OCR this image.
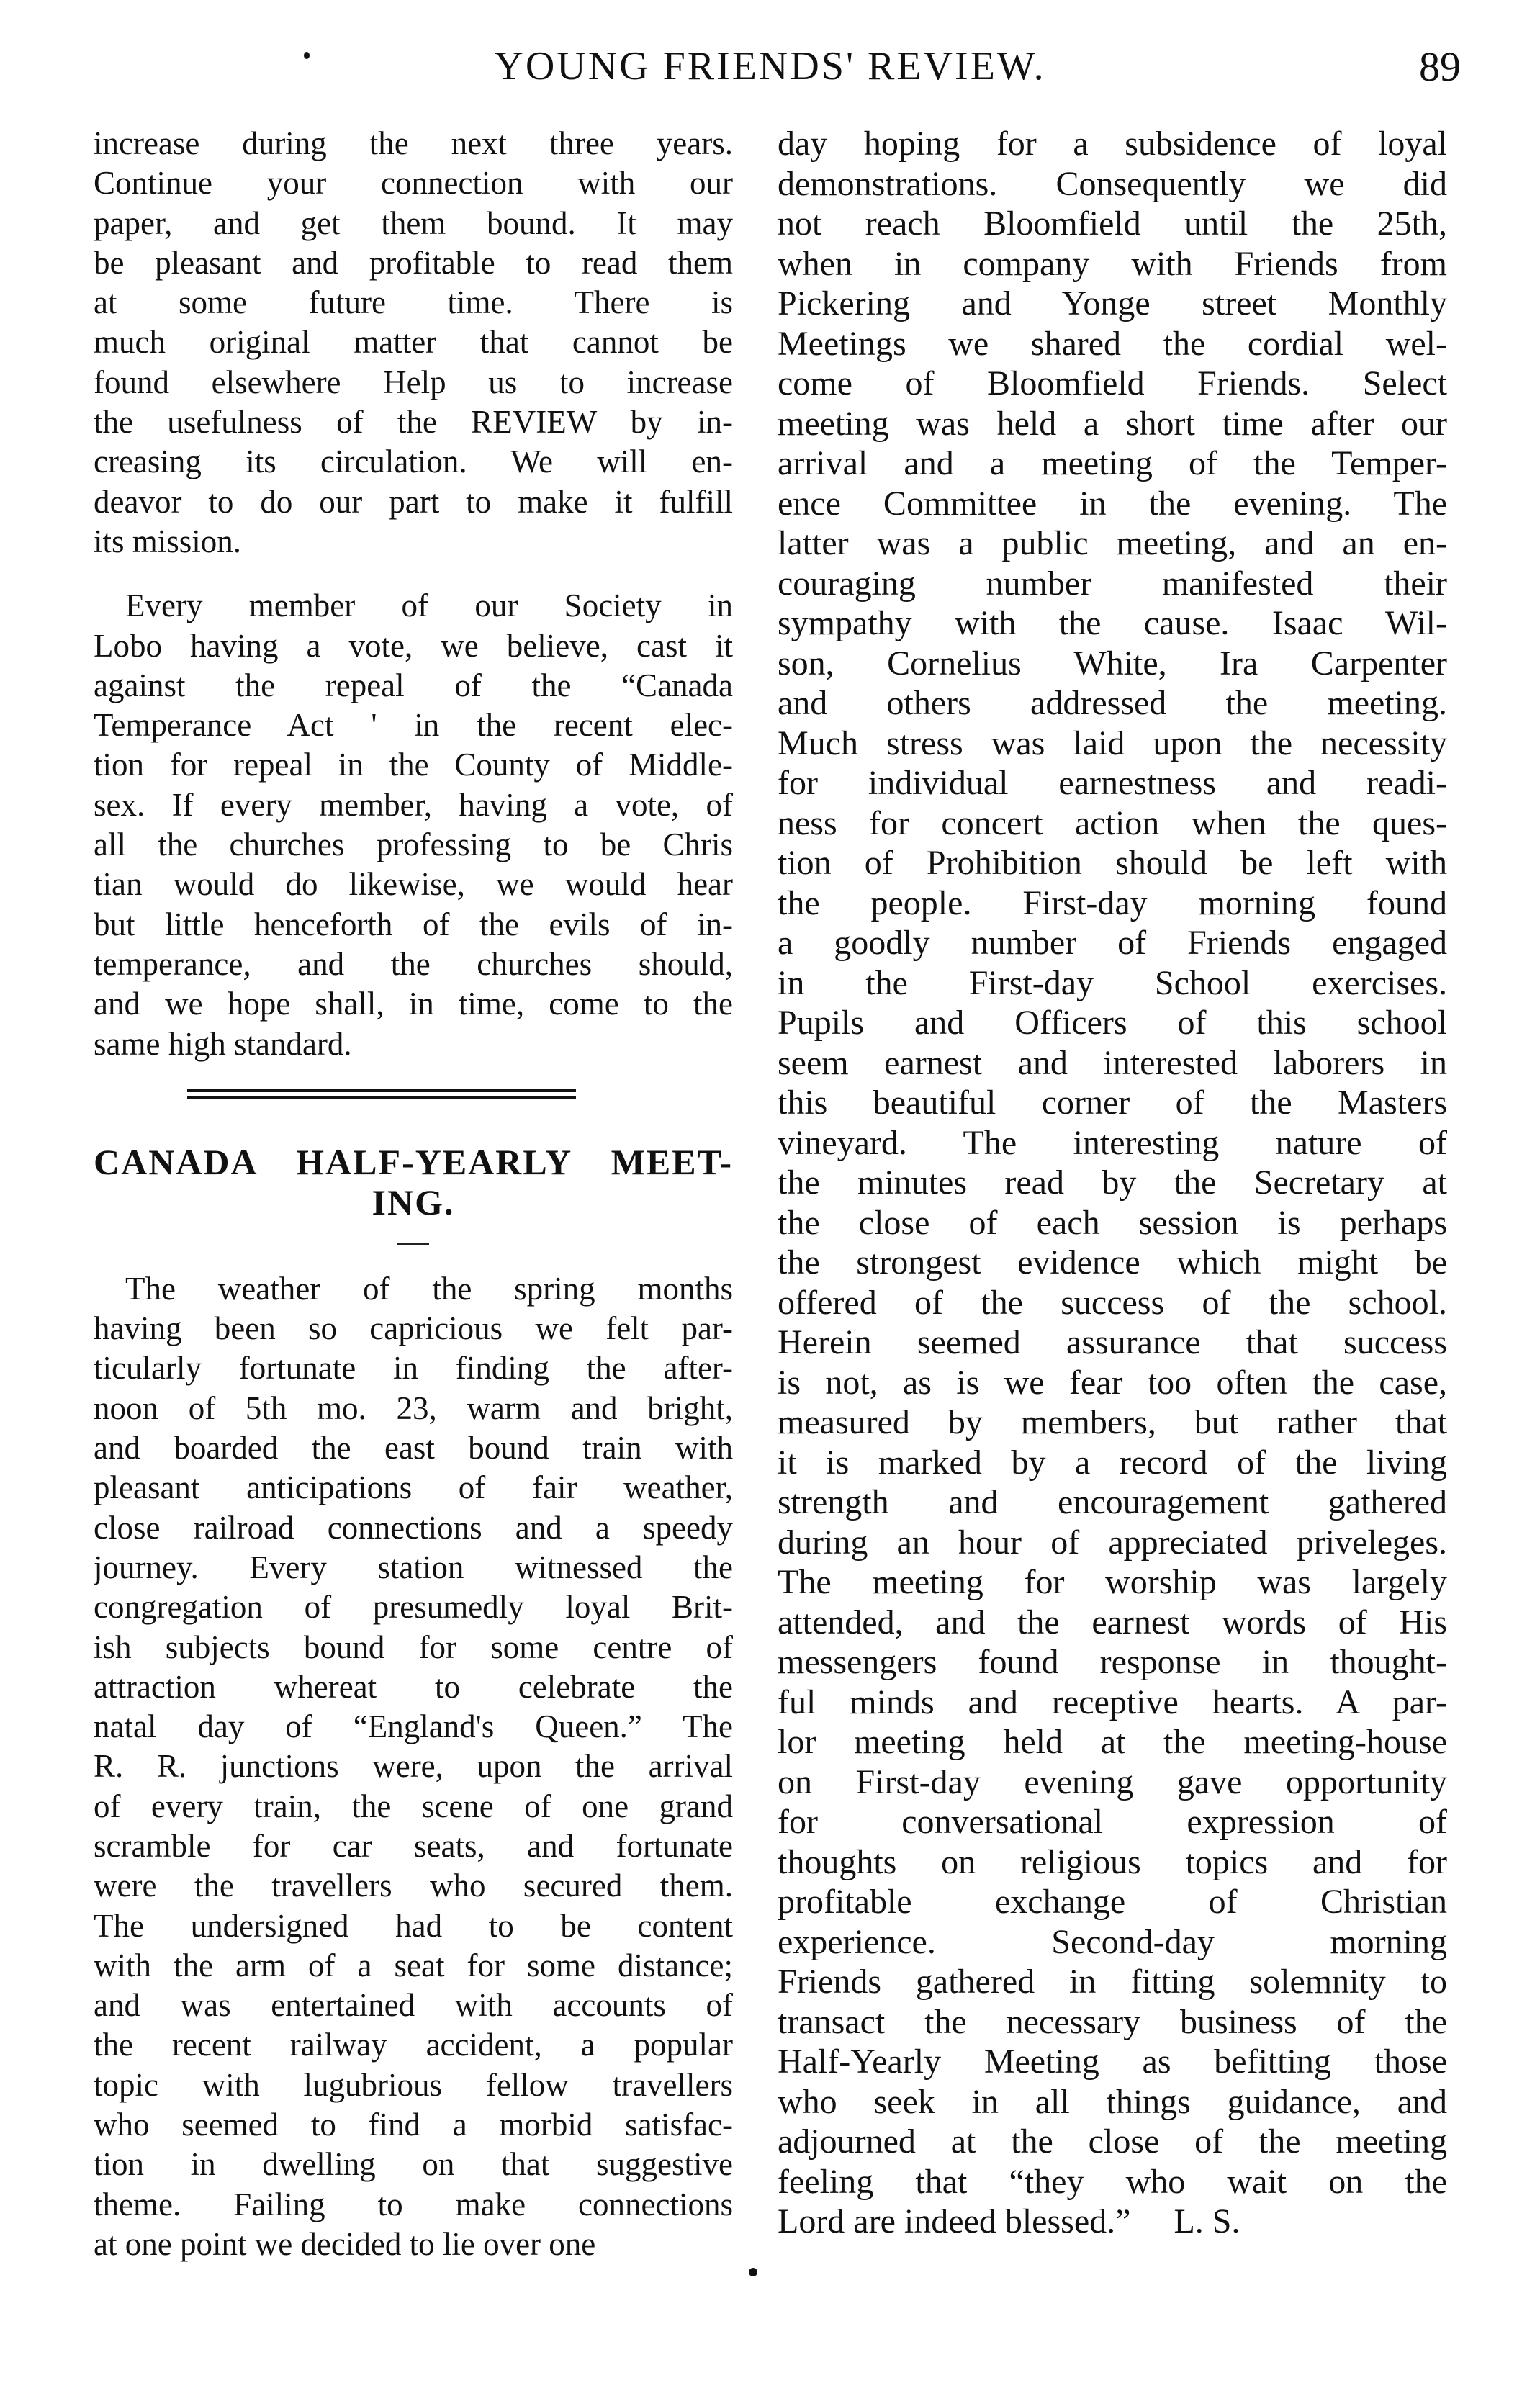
YOUNG FRIENDS' REVIEW.	89

increase during the next three years.
Continue your connection with our
paper, and get them bound. It may
be pleasant and profitable to read them
at some future time. There is
much original matter that cannot be
found elsewhere Help us to increase
the usefulness of the REVIEW by in-
creasing its circulation. We will en-
deavor to do our part to make it fulfill
its mission.

Every member of our Society in
Lobo having a vote, we believe, cast it
against the repeal of the “Canada
Temperance Act ' in the recent elec-
tion for repeal in the County of Middle-
sex. If every member, having a vote, of
all the churches professing to be Chris
tian would do likewise, we would hear
but little henceforth of the evils of in-
temperance, and the churches should,
and we hope shall, in time, come to the
same high standard.

CANADA HALF-YEARLY MEET-
ING.

The weather of the spring months
having been so capricious we felt par-
ticularly fortunate in finding the after-
noon of 5th mo. 23, warm and bright,
and boarded the east bound train with
pleasant anticipations of fair weather,
close railroad connections and a speedy
journey. Every station witnessed the
congregation of presumedly loyal Brit-
ish subjects bound for some centre of
attraction whereat to celebrate the
natal day of “England's Queen.” The
R. R. junctions were, upon the arrival
of every train, the scene of one grand
scramble for car seats, and fortunate
were the travellers who secured them.
The undersigned had to be content
with the arm of a seat for some distance;
and was entertained with accounts of
the recent railway accident, a popular
topic with lugubrious fellow travellers
who seemed to find a morbid satisfac-
tion in dwelling on that suggestive
theme. Failing to make connections
at one point we decided to lie over one

day hoping for a subsidence of loyal
demonstrations. Consequently we did
not reach Bloomfield until the 25th,
when in company with Friends from
Pickering and Yonge street Monthly
Meetings we shared the cordial wel-
come of Bloomfield Friends. Select
meeting was held a short time after our
arrival and a meeting of the Temper-
ence Committee in the evening. The
latter was a public meeting, and an en-
couraging number manifested their
sympathy with the cause. Isaac Wil-
son, Cornelius White, Ira Carpenter
and others addressed the meeting.
Much stress was laid upon the necessity
for individual earnestness and readi-
ness for concert action when the ques-
tion of Prohibition should be left with
the people. First-day morning found
a goodly number of Friends engaged
in the First-day School exercises.
Pupils and Officers of this school
seem earnest and interested laborers in
this beautiful corner of the Masters
vineyard. The interesting nature of
the minutes read by the Secretary at
the close of each session is perhaps
the strongest evidence which might be
offered of the success of the school.
Herein seemed assurance that success
is not, as is we fear too often the case,
measured by members, but rather that
it is marked by a record of the living
strength and encouragement gathered
during an hour of appreciated priveleges.
The meeting for worship was largely
attended, and the earnest words of His
messengers found response in thought-
ful minds and receptive hearts. A par-
lor meeting held at the meeting-house
on First-day evening gave opportunity
for conversational expression of
thoughts on religious topics and for
profitable exchange of Christian
experience. Second-day morning
Friends gathered in fitting solemnity to
transact the necessary business of the
Half-Yearly Meeting as befitting those
who seek in all things guidance, and
adjourned at the close of the meeting
feeling that “they who wait on the

Lord are indeed blessed.” L. S.
